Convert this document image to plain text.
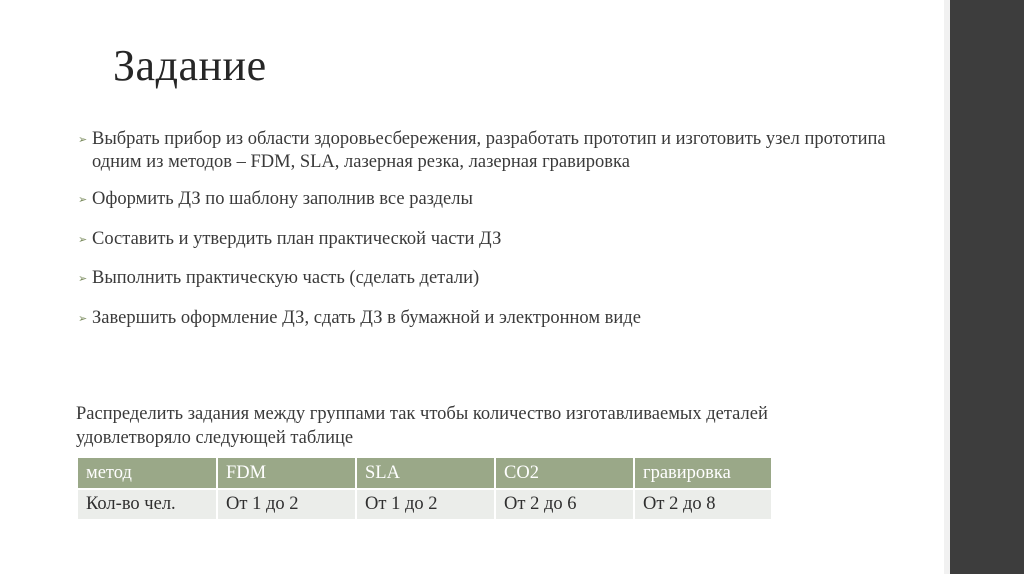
Задание
➢ Выбрать прибор из области здоровьесбережения, разработать прототип и изготовить узел прототипа одним из методов – FDM, SLA, лазерная резка, лазерная гравировка
➢ Оформить ДЗ по шаблону заполнив все разделы
➢ Составить и утвердить план практической части ДЗ
➢ Выполнить практическую часть (сделать детали)
➢ Завершить оформление ДЗ, сдать ДЗ в бумажной и электронном виде
Распределить задания между группами так чтобы количество изготавливаемых деталей удовлетворяло следующей таблице
метод	FDM	SLA	CO2	гравировка
Кол-во чел.	От 1 до 2	От 1 до 2	От 2 до 6	От 2 до 8
